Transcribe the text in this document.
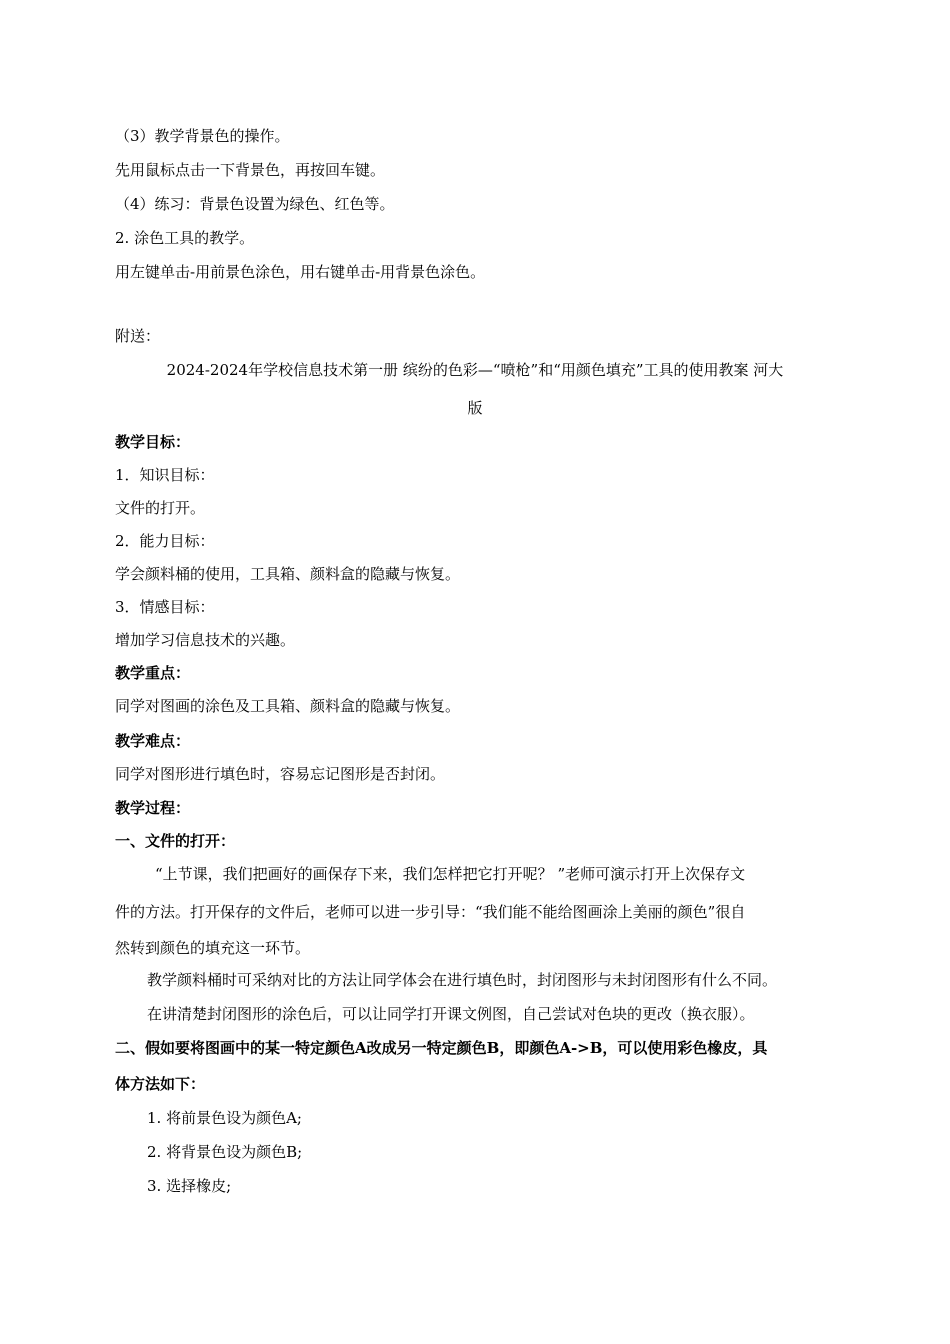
（3）教学背景色的操作。
先用鼠标点击一下背景色，再按回车键。
（4）练习：背景色设置为绿色、红色等。
2. 涂色工具的教学。
用左键单击-用前景色涂色，用右键单击-用背景色涂色。
附送：
2024-2024年学校信息技术第一册 缤纷的色彩—“喷枪”和“用颜色填充”工具的使用教案 河大
版
教学目标：
1．知识目标：
文件的打开。
2．能力目标：
学会颜料桶的使用，工具箱、颜料盒的隐藏与恢复。
3．情感目标：
增加学习信息技术的兴趣。
教学重点：
同学对图画的涂色及工具箱、颜料盒的隐藏与恢复。
教学难点：
同学对图形进行填色时，容易忘记图形是否封闭。
教学过程：
一、文件的打开：
“上节课，我们把画好的画保存下来，我们怎样把它打开呢？ ”老师可演示打开上次保存文
件的方法。打开保存的文件后，老师可以进一步引导：“我们能不能给图画涂上美丽的颜色”很自
然转到颜色的填充这一环节。
教学颜料桶时可采纳对比的方法让同学体会在进行填色时，封闭图形与未封闭图形有什么不同。
在讲清楚封闭图形的涂色后，可以让同学打开课文例图，自己尝试对色块的更改（换衣服）。
二、假如要将图画中的某一特定颜色A改成另一特定颜色B，即颜色A->B，可以使用彩色橡皮，具
体方法如下：
1. 将前景色设为颜色A;
2. 将背景色设为颜色B;
3. 选择橡皮;
